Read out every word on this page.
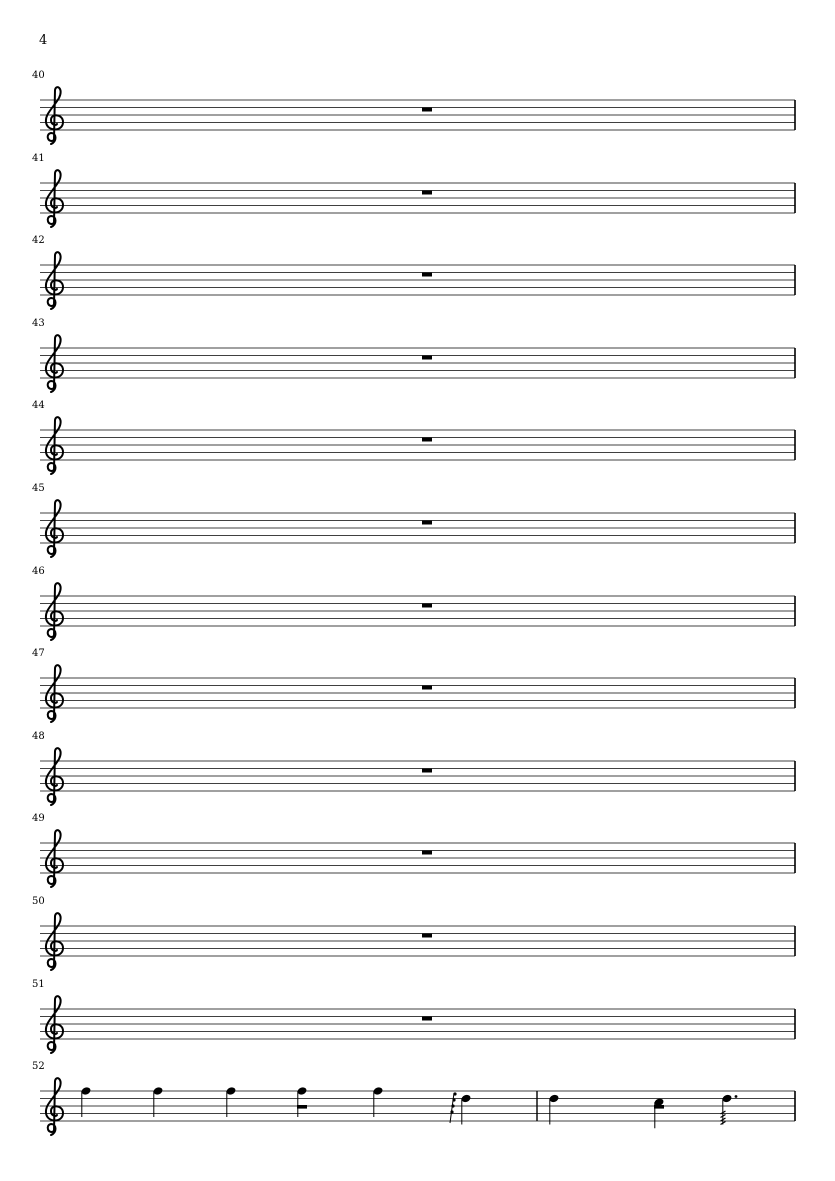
4
40
41
42
43
44
45
46
47
48
49
50
51
52
